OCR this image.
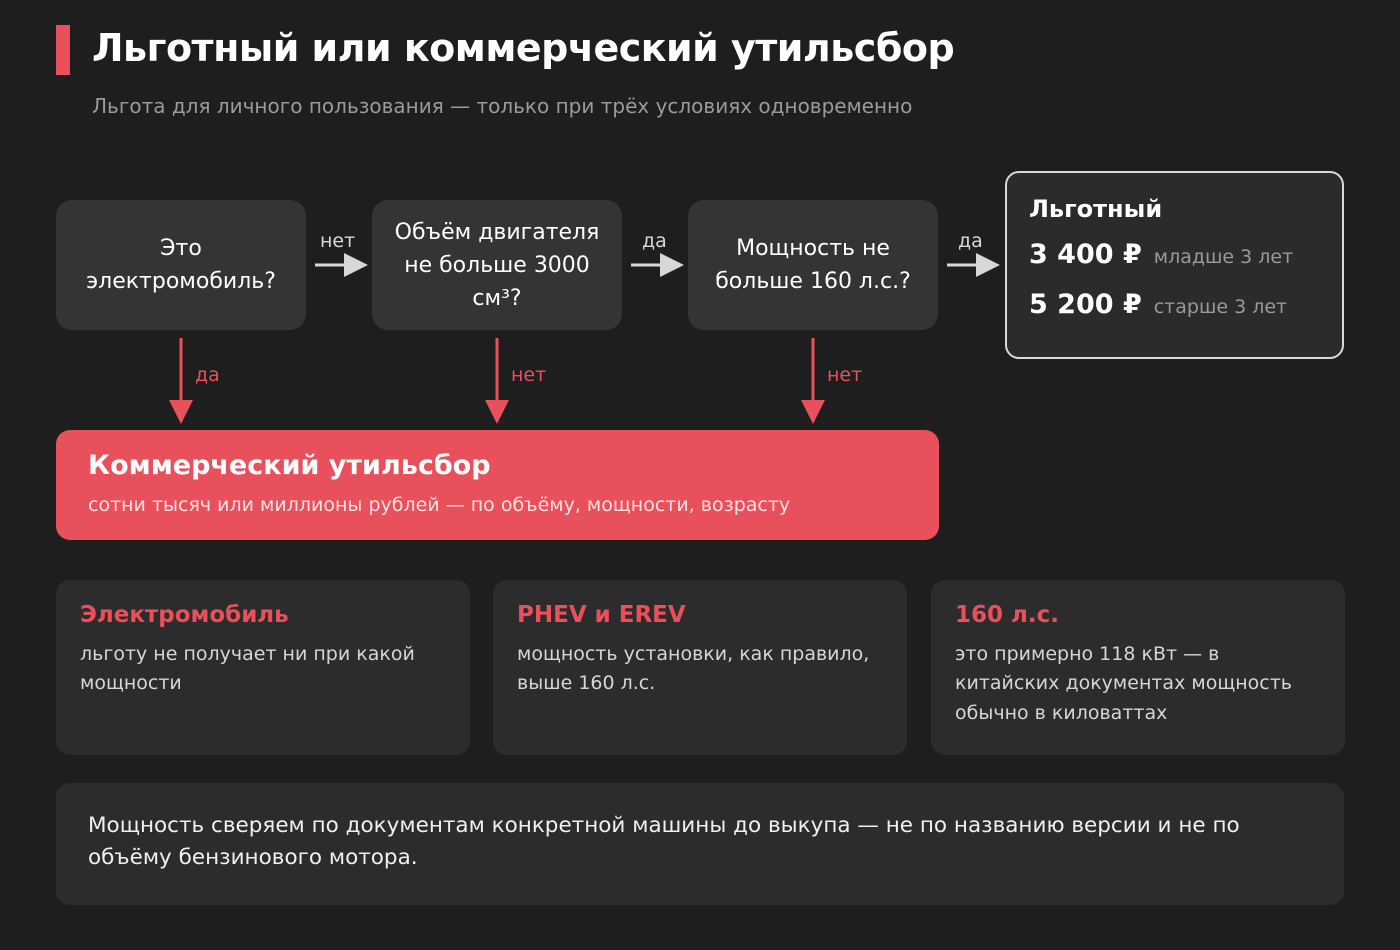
Льготный или коммерческий утильсбор
Льгота для личного пользования — только при трёх условиях одновременно
Это электромобиль?
Объём двигателя не больше 3000 см³?
Мощность не больше 160 л.с.?
нет	да	да
да	нет	нет
Льготный
3 400 ₽ младше 3 лет
5 200 ₽ старше 3 лет
Коммерческий утильсбор
сотни тысяч или миллионы рублей — по объёму, мощности, возрасту
Электромобиль
льготу не получает ни при какой мощности
PHEV и EREV
мощность установки, как правило, выше 160 л.с.
160 л.с.
это примерно 118 кВт — в китайских документах мощность обычно в киловаттах
Мощность сверяем по документам конкретной машины до выкупа — не по названию версии и не по объёму бензинового мотора.
